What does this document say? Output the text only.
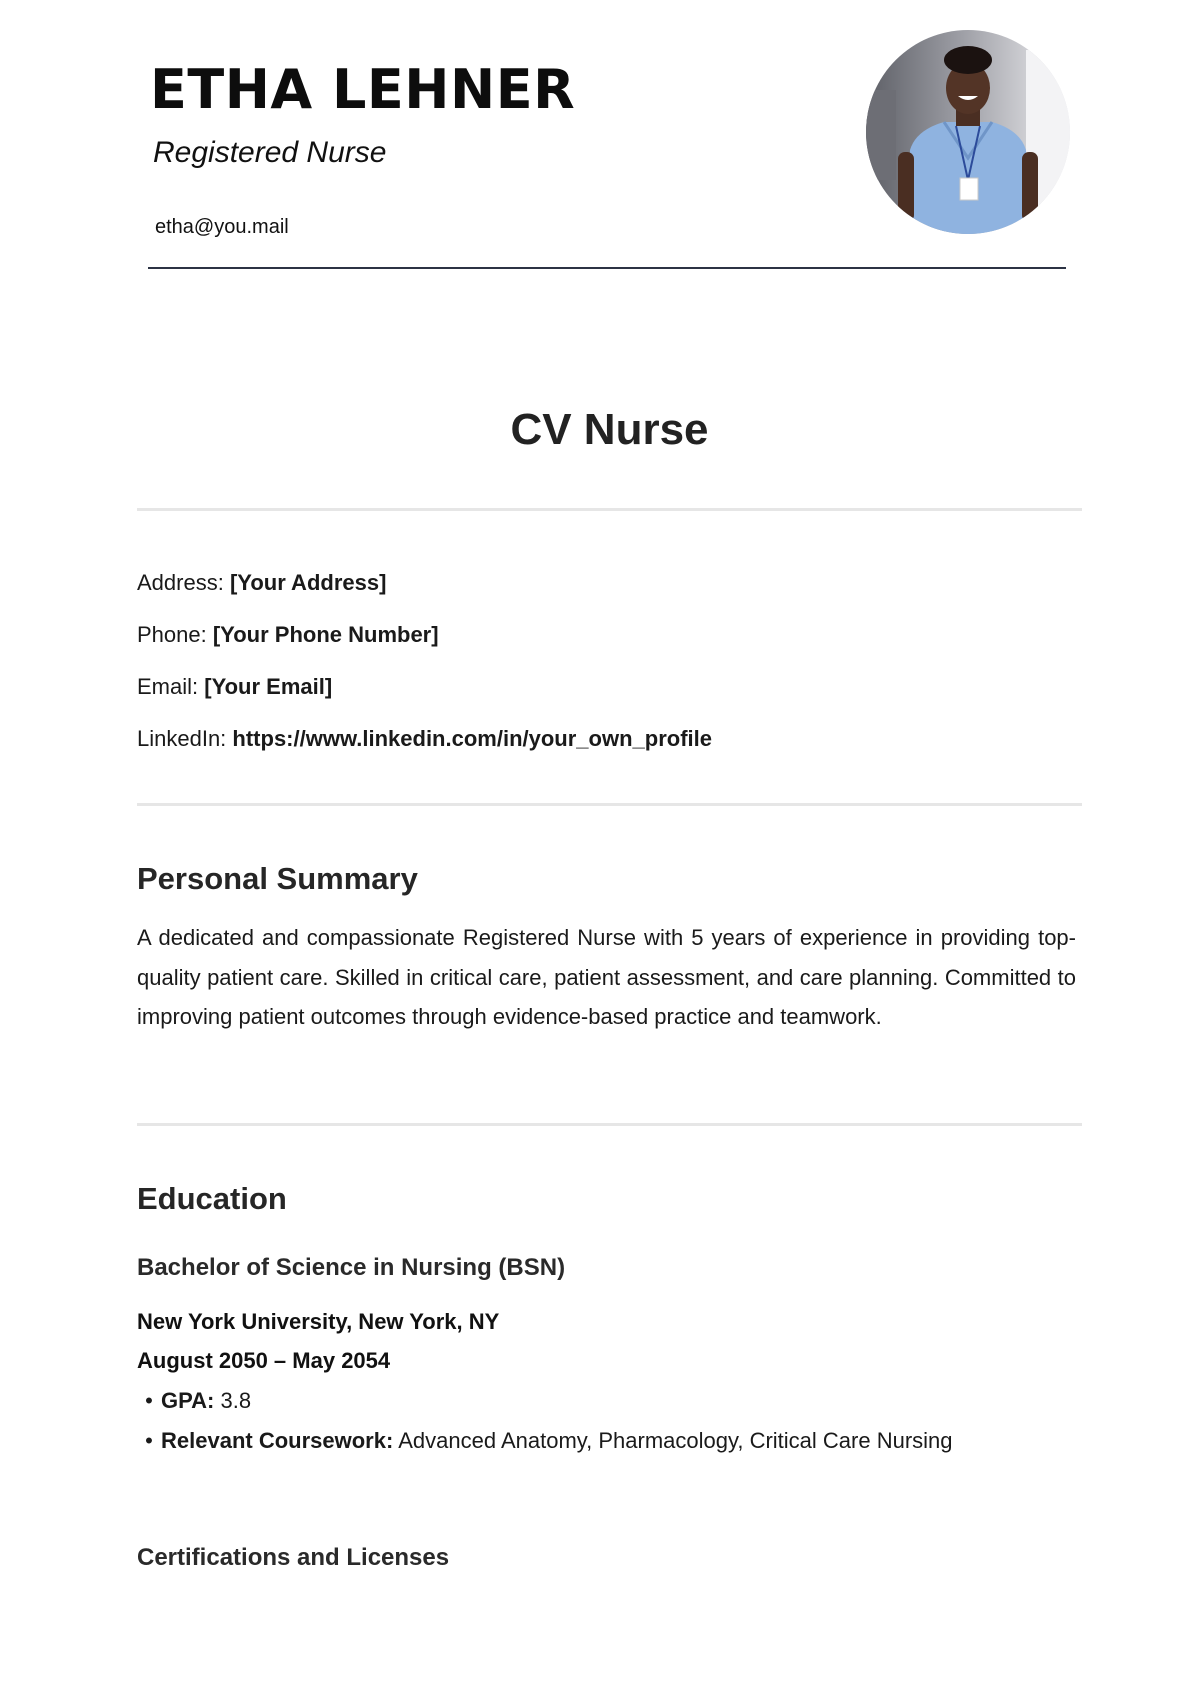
ETHA LEHNER

Registered Nurse

etha@you.mail

CV Nurse

Address: [Your Address]

Phone: [Your Phone Number]

Email: [Your Email]

LinkedIn: https://www.linkedin.com/in/your_own_profile

Personal Summary

A dedicated and compassionate Registered Nurse with 5 years of experience in providing top-quality patient care. Skilled in critical care, patient assessment, and care planning. Committed to improving patient outcomes through evidence-based practice and teamwork.

Education

Bachelor of Science in Nursing (BSN)

New York University, New York, NY

August 2050 – May 2054

• GPA: 3.8
• Relevant Coursework: Advanced Anatomy, Pharmacology, Critical Care Nursing

Certifications and Licenses
